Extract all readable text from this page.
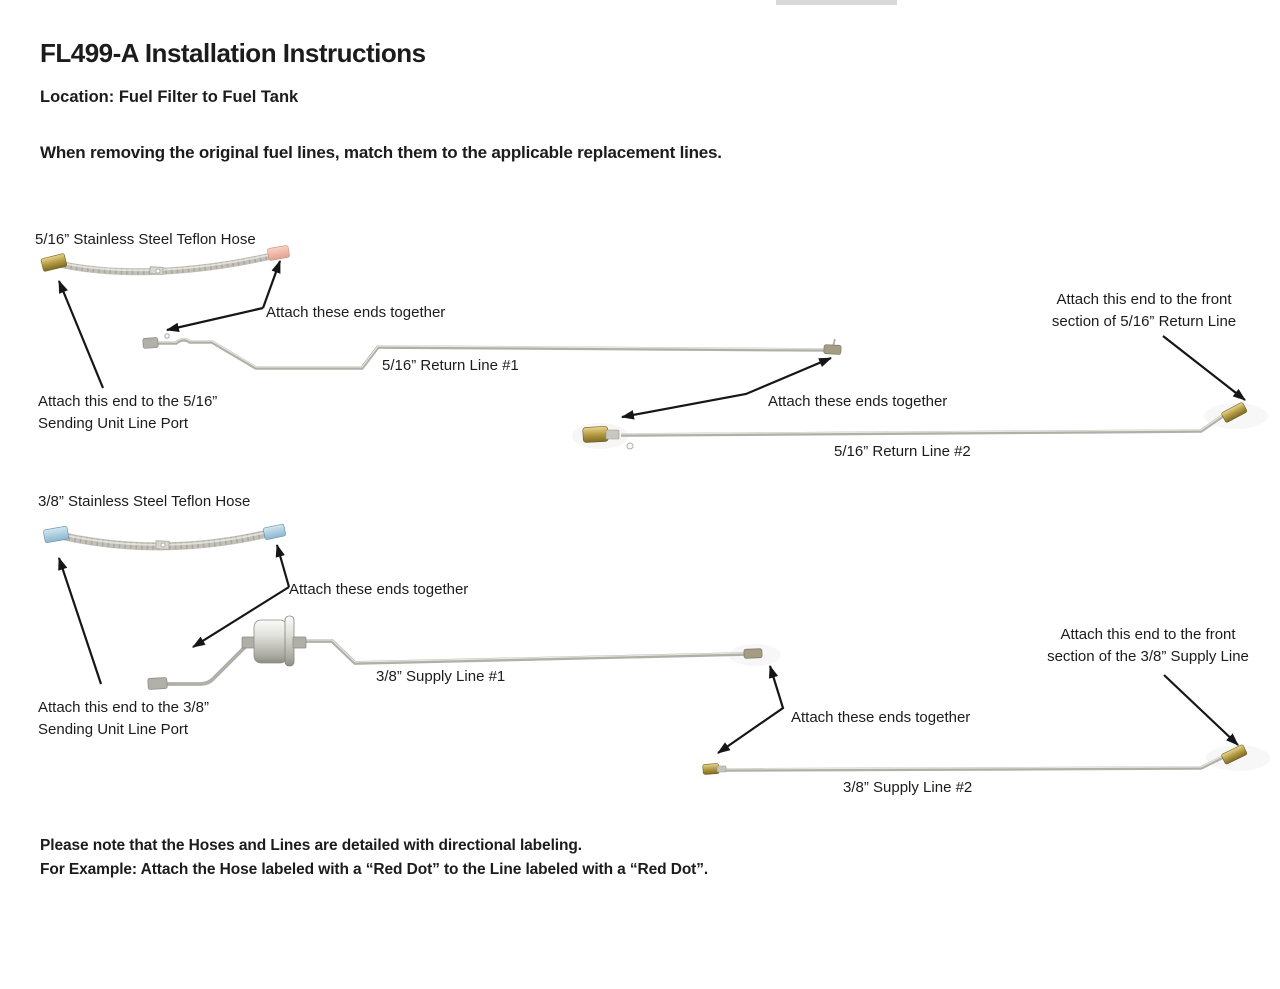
FL499-A Installation Instructions
Location: Fuel Filter to Fuel Tank
When removing the original fuel lines, match them to the applicable replacement lines.
5/16” Stainless Steel Teflon Hose
Attach these ends together
5/16” Return Line #1
Attach these ends together
Attach this end to the front
section of 5/16” Return Line
5/16” Return Line #2
Attach this end to the 5/16”
Sending Unit Line Port
3/8” Stainless Steel Teflon Hose
Attach these ends together
3/8” Supply Line #1
Attach these ends together
Attach this end to the front
section of the 3/8” Supply Line
3/8” Supply Line #2
Attach this end to the 3/8”
Sending Unit Line Port
Please note that the Hoses and Lines are detailed with directional labeling.
For Example: Attach the Hose labeled with a “Red Dot” to the Line labeled with a “Red Dot”.
